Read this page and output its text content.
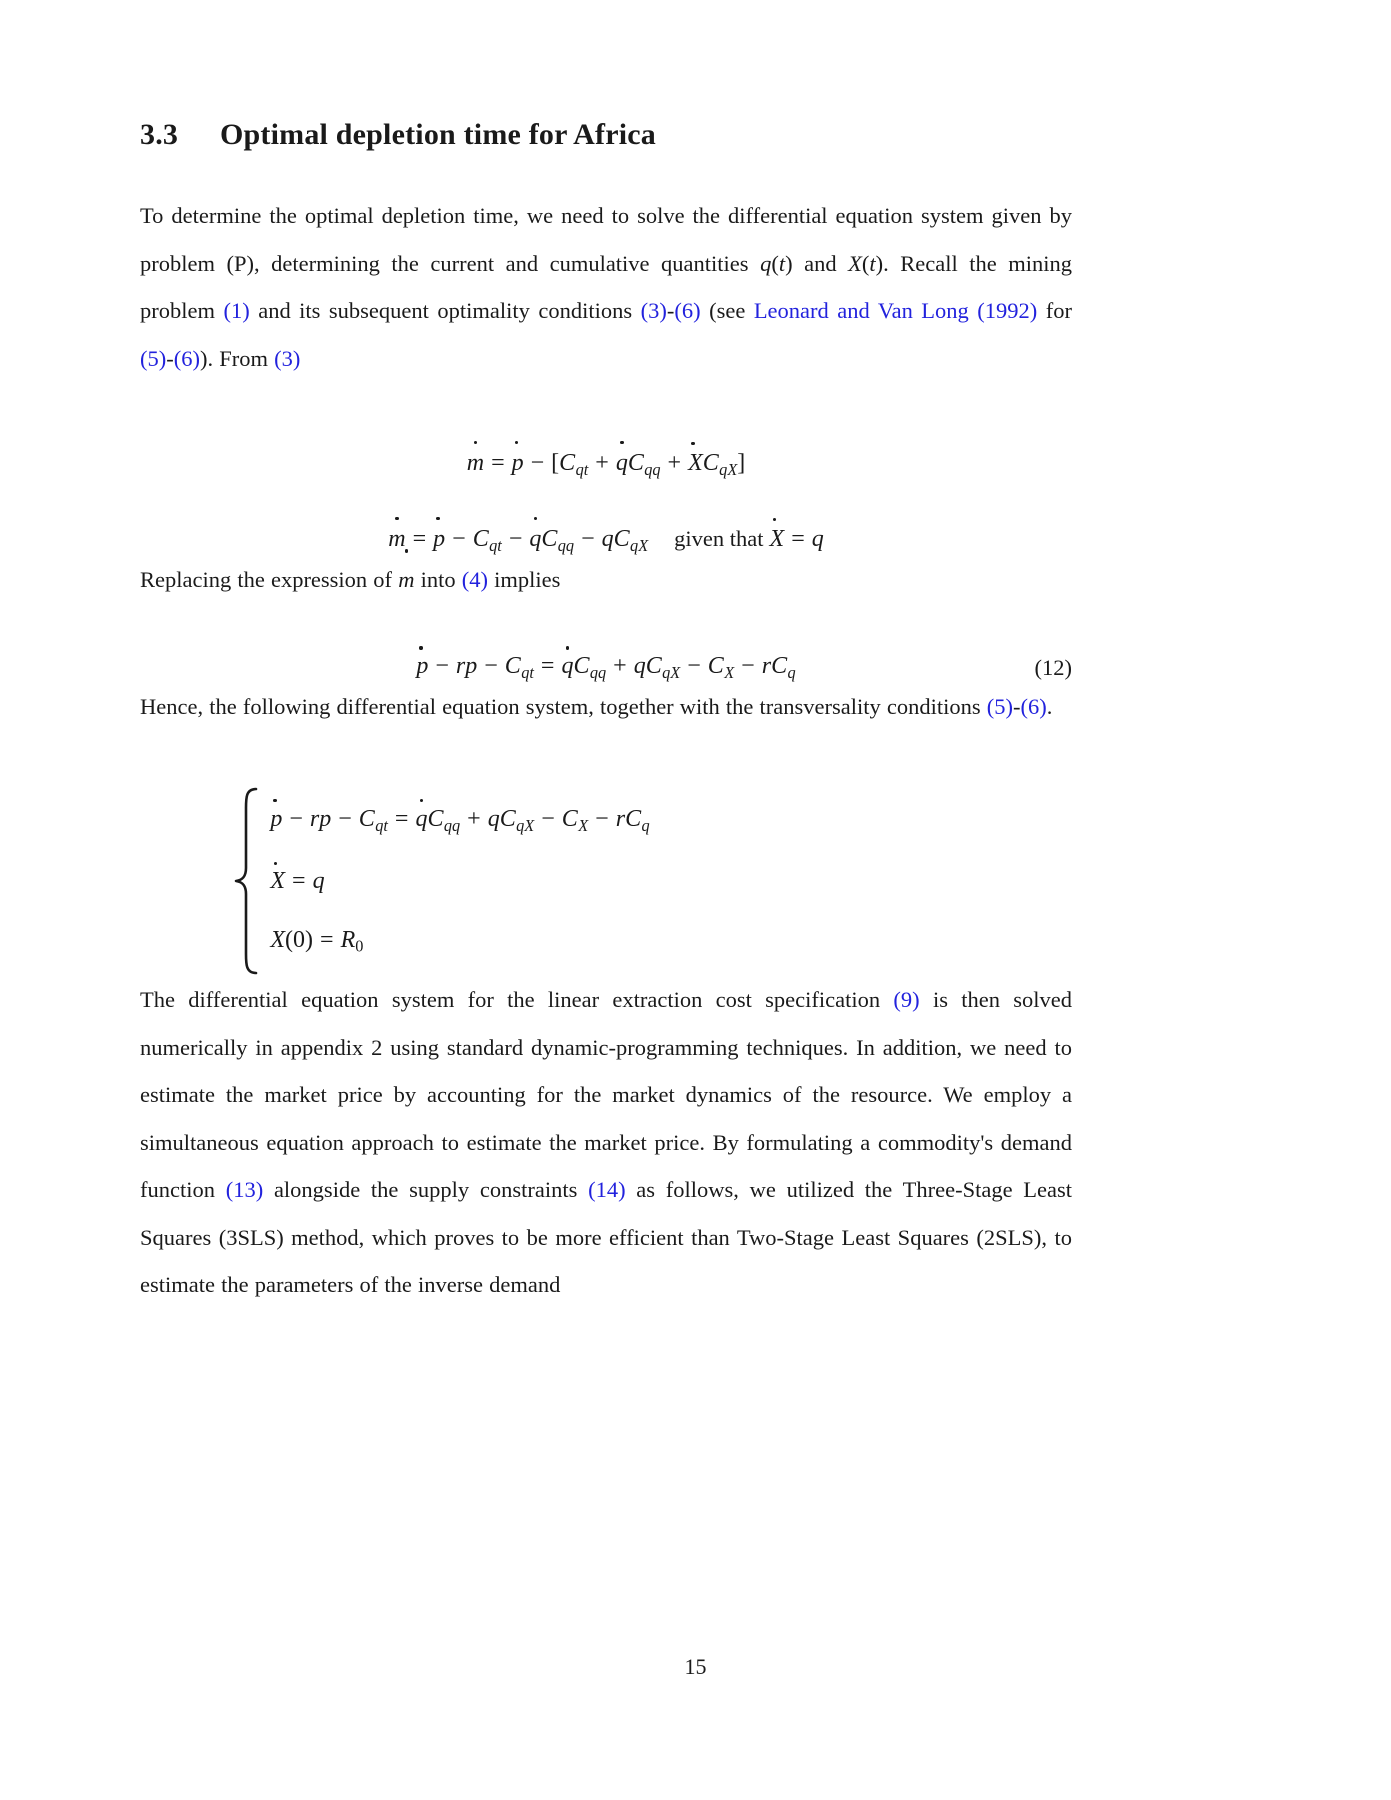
3.3	Optimal depletion time for Africa

To determine the optimal depletion time, we need to solve the differential equation system given by problem (P), determining the current and cumulative quantities q(t) and X(t). Recall the mining problem (1) and its subsequent optimality conditions (3)-(6) (see Leonard and Van Long (1992) for (5)-(6)). From (3)

$m = p - [C_{qt} + qC_{qq} + XC_{qX}]$
$m = p - C_{qt} - qC_{qq} - qC_{qX}$ given that X = q

Replacing the expression of m into (4) implies

p − rp − $C_{qt} = qC_{qq} + qC_{qX} - C_X - rC_q$	(12)

Hence, the following differential equation system, together with the transversality conditions (5)-(6).

p − rp − $C_{qt} = qC_{qq} + qC_{qX} - C_X - rC_q$
X = q
X(0) = R0

The differential equation system for the linear extraction cost specification (9) is then solved numerically in appendix 2 using standard dynamic-programming techniques. In addition, we need to estimate the market price by accounting for the market dynamics of the resource. We employ a simultaneous equation approach to estimate the market price. By formulating a commodity's demand function (13) alongside the supply constraints (14) as follows, we utilized the Three-Stage Least Squares (3SLS) method, which proves to be more efficient than Two-Stage Least Squares (2SLS), to estimate the parameters of the inverse demand

15
